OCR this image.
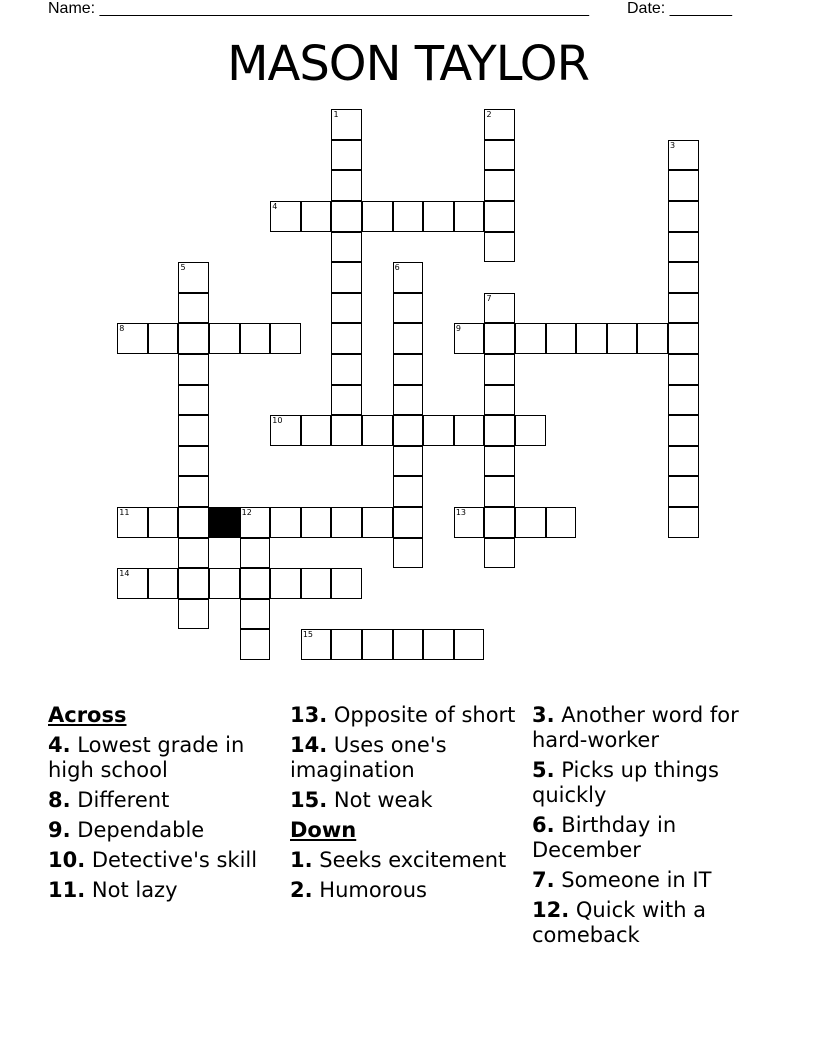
Name: _______________________________________________________ Date: _______
MASON TAYLOR
1	2
3
4
5	6
7
8	9
10
11	12	13
14
15
Across
4. Lowest grade in high school
8. Different
9. Dependable
10. Detective's skill
11. Not lazy
13. Opposite of short
14. Uses one's imagination
15. Not weak
Down
1. Seeks excitement
2. Humorous
3. Another word for hard-worker
5. Picks up things quickly
6. Birthday in December
7. Someone in IT
12. Quick with a comeback
